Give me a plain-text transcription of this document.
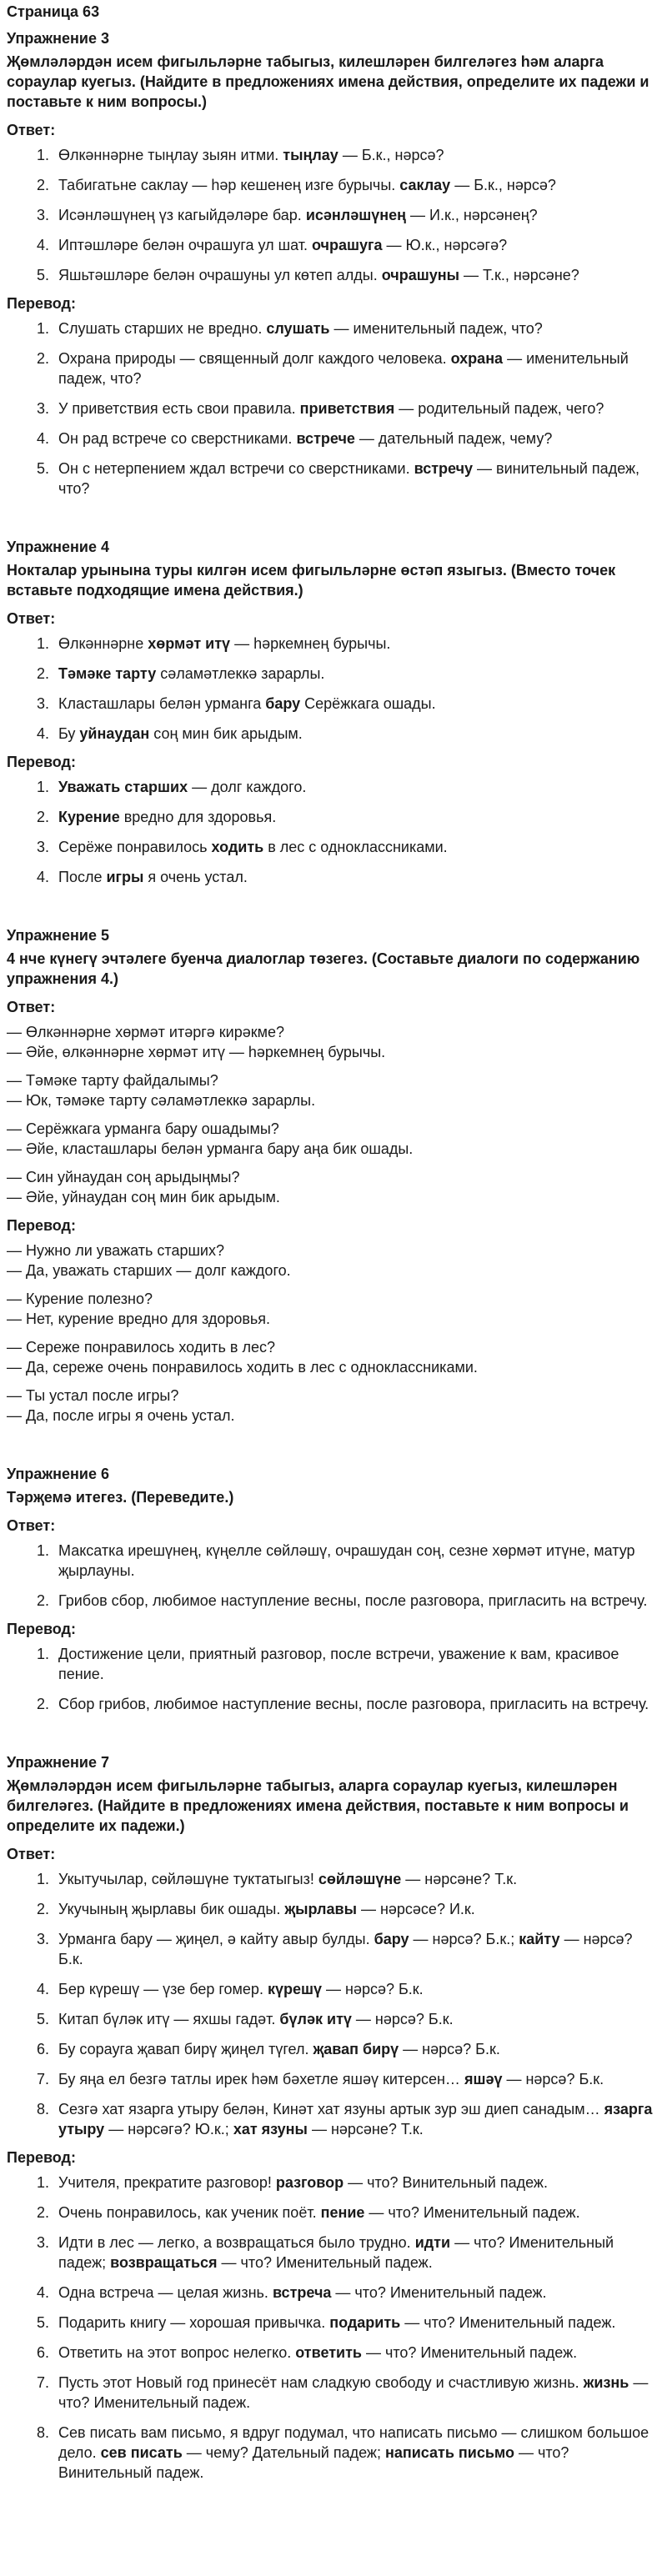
Страница 63
Упражнение 3
Җөмләләрдән исем фигыльләрне табыгыз, килешләрен билгеләгез һәм аларга сораулар куегыз. (Найдите в предложениях имена действия, определите их падежи и поставьте к ним вопросы.)
Ответ:
1. Өлкәннәрне тыңлау зыян итми. тыңлау — Б.к., нәрсә?
2. Табигатьне саклау — һәр кешенең изге бурычы. саклау — Б.к., нәрсә?
3. Исәнләшүнең үз кагыйдәләре бар. исәнләшүнең — И.к., нәрсәнең?
4. Иптәшләре белән очрашуга ул шат. очрашуга — Ю.к., нәрсәгә?
5. Яшьтәшләре белән очрашуны ул көтеп алды. очрашуны — Т.к., нәрсәне?
Перевод:
1. Слушать старших не вредно. слушать — именительный падеж, что?
2. Охрана природы — священный долг каждого человека. охрана — именительный падеж, что?
3. У приветствия есть свои правила. приветствия — родительный падеж, чего?
4. Он рад встрече со сверстниками. встрече — дательный падеж, чему?
5. Он с нетерпением ждал встречи со сверстниками. встречу — винительный падеж, что?
Упражнение 4
Нокталар урынына туры килгән исем фигыльләрне өстәп языгыз. (Вместо точек вставьте подходящие имена действия.)
Ответ:
1. Өлкәннәрне хөрмәт итү — һәркемнең бурычы.
2. Тәмәке тарту сәламәтлеккә зарарлы.
3. Класташлары белән урманга бару Серёжкага ошады.
4. Бу уйнаудан соң мин бик арыдым.
Перевод:
1. Уважать старших — долг каждого.
2. Курение вредно для здоровья.
3. Серёже понравилось ходить в лес с одноклассниками.
4. После игры я очень устал.
Упражнение 5
4 нче күнегү эчтәлеге буенча диалоглар төзегез. (Составьте диалоги по содержанию упражнения 4.)
Ответ:
— Өлкәннәрне хөрмәт итәргә кирәкме?
— Әйе, өлкәннәрне хөрмәт итү — һәркемнең бурычы.
— Тәмәке тарту файдалымы?
— Юк, тәмәке тарту сәламәтлеккә зарарлы.
— Серёжкага урманга бару ошадымы?
— Әйе, класташлары белән урманга бару аңа бик ошады.
— Син уйнаудан соң арыдыңмы?
— Әйе, уйнаудан соң мин бик арыдым.
Перевод:
— Нужно ли уважать старших?
— Да, уважать старших — долг каждого.
— Курение полезно?
— Нет, курение вредно для здоровья.
— Сереже понравилось ходить в лес?
— Да, сереже очень понравилось ходить в лес с одноклассниками.
— Ты устал после игры?
— Да, после игры я очень устал.
Упражнение 6
Тәрҗемә итегез. (Переведите.)
Ответ:
1. Максатка ирешүнең, күңелле сөйләшү, очрашудан соң, сезне хөрмәт итүне, матур җырлауны.
2. Грибов сбор, любимое наступление весны, после разговора, пригласить на встречу.
Перевод:
1. Достижение цели, приятный разговор, после встречи, уважение к вам, красивое пение.
2. Сбор грибов, любимое наступление весны, после разговора, пригласить на встречу.
Упражнение 7
Җөмләләрдән исем фигыльләрне табыгыз, аларга сораулар куегыз, килешләрен билгеләгез. (Найдите в предложениях имена действия, поставьте к ним вопросы и определите их падежи.)
Ответ:
1. Укытучылар, сөйләшүне туктатыгыз! сөйләшүне — нәрсәне? Т.к.
2. Укучының җырлавы бик ошады. җырлавы — нәрсәсе? И.к.
3. Урманга бару — җиңел, ә кайту авыр булды. бару — нәрсә? Б.к.; кайту — нәрсә? Б.к.
4. Бер күрешү — үзе бер гомер. күрешү — нәрсә? Б.к.
5. Китап бүләк итү — яхшы гадәт. бүләк итү — нәрсә? Б.к.
6. Бу сорауга җавап бирү җиңел түгел. җавап бирү — нәрсә? Б.к.
7. Бу яңа ел безгә татлы ирек һәм бәхетле яшәү китерсен… яшәү — нәрсә? Б.к.
8. Сезгә хат язарга утыру белән, Кинәт хат язуны артык зур эш диеп санадым… язарга утыру — нәрсәгә? Ю.к.; хат язуны — нәрсәне? Т.к.
Перевод:
1. Учителя, прекратите разговор! разговор — что? Винительный падеж.
2. Очень понравилось, как ученик поёт. пение — что? Именительный падеж.
3. Идти в лес — легко, а возвращаться было трудно. идти — что? Именительный падеж; возвращаться — что? Именительный падеж.
4. Одна встреча — целая жизнь. встреча — что? Именительный падеж.
5. Подарить книгу — хорошая привычка. подарить — что? Именительный падеж.
6. Ответить на этот вопрос нелегко. ответить — что? Именительный падеж.
7. Пусть этот Новый год принесёт нам сладкую свободу и счастливую жизнь. жизнь — что? Именительный падеж.
8. Сев писать вам письмо, я вдруг подумал, что написать письмо — слишком большое дело. сев писать — чему? Дательный падеж; написать письмо — что? Винительный падеж.
